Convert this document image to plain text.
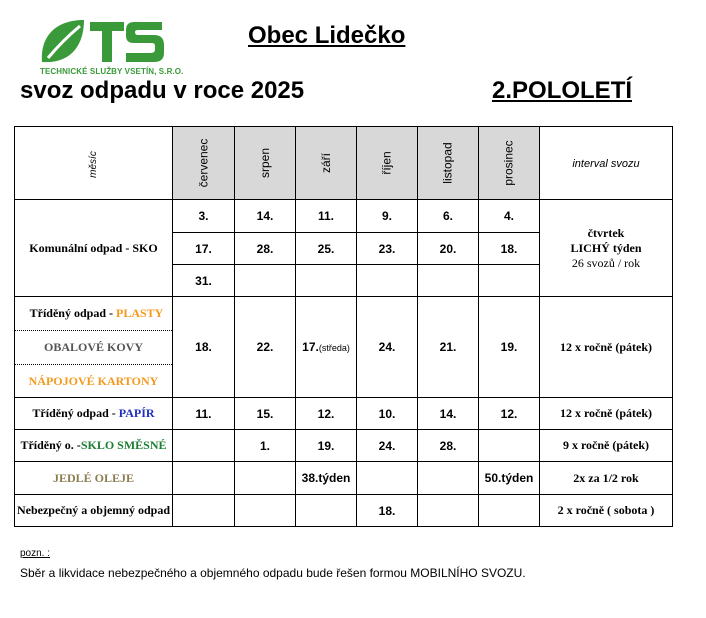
TECHNICKÉ SLUŽBY VSETÍN, S.R.O.
Obec Lidečko
svoz odpadu v roce 2025	2.POLOLETÍ
měsíc	červenec	srpen	září	říjen	listopad	prosinec	interval svozu
Komunální odpad - SKO	3.	14.	11.	9.	6.	4.	čtvrtek
LICHÝ týden
26 svozů / rok

	17.	28.	25.	23.	20.	18.	
	31.						

Tříděný odpad - PLASTY
OBALOVÉ KOVY
NÁPOJOVÉ KARTONY	18.	22.	17.(středa)	24.	21.	19.	12 x ročně (pátek)
Tříděný odpad - PAPÍR	11.	15.	12.	10.	14.	12.	12 x ročně (pátek)
Tříděný o. -SKLO SMĚSNÉ		1.	19.	24.	28.		9 x ročně (pátek)
JEDLÉ OLEJE			38.týden			50.týden	2x za 1/2 rok
Nebezpečný a objemný odpad				18.			2 x ročně ( sobota )
pozn. :
Sběr a likvidace nebezpečného a objemného odpadu bude řešen formou MOBILNÍHO SVOZU.
